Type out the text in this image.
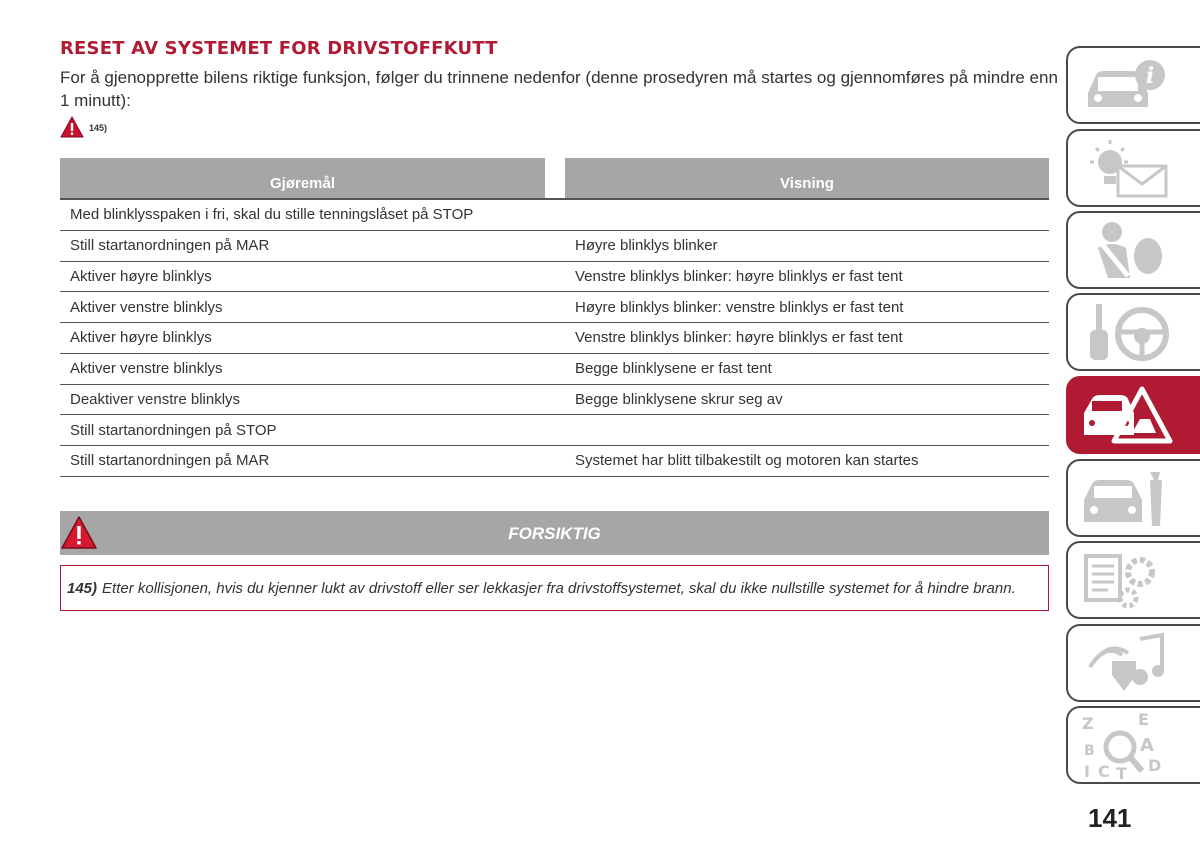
RESET AV SYSTEMET FOR DRIVSTOFFKUTT
For å gjenopprette bilens riktige funksjon, følger du trinnene nedenfor (denne prosedyren må startes og gjennomføres på mindre enn 1 minutt):
145)
Gjøremål	Visning
Med blinklysspaken i fri, skal du stille tenningslåset på STOP
Still startanordningen på MAR	Høyre blinklys blinker
Aktiver høyre blinklys	Venstre blinklys blinker: høyre blinklys er fast tent
Aktiver venstre blinklys	Høyre blinklys blinker: venstre blinklys er fast tent
Aktiver høyre blinklys	Venstre blinklys blinker: høyre blinklys er fast tent
Aktiver venstre blinklys	Begge blinklysene er fast tent
Deaktiver venstre blinklys	Begge blinklysene skrur seg av
Still startanordningen på STOP
Still startanordningen på MAR	Systemet har blitt tilbakestilt og motoren kan startes
FORSIKTIG
145) Etter kollisjonen, hvis du kjenner lukt av drivstoff eller ser lekkasjer fra drivstoffsystemet, skal du ikke nullstille systemet for å hindre brann.
i
Z	E
B	A
I C T D
141
